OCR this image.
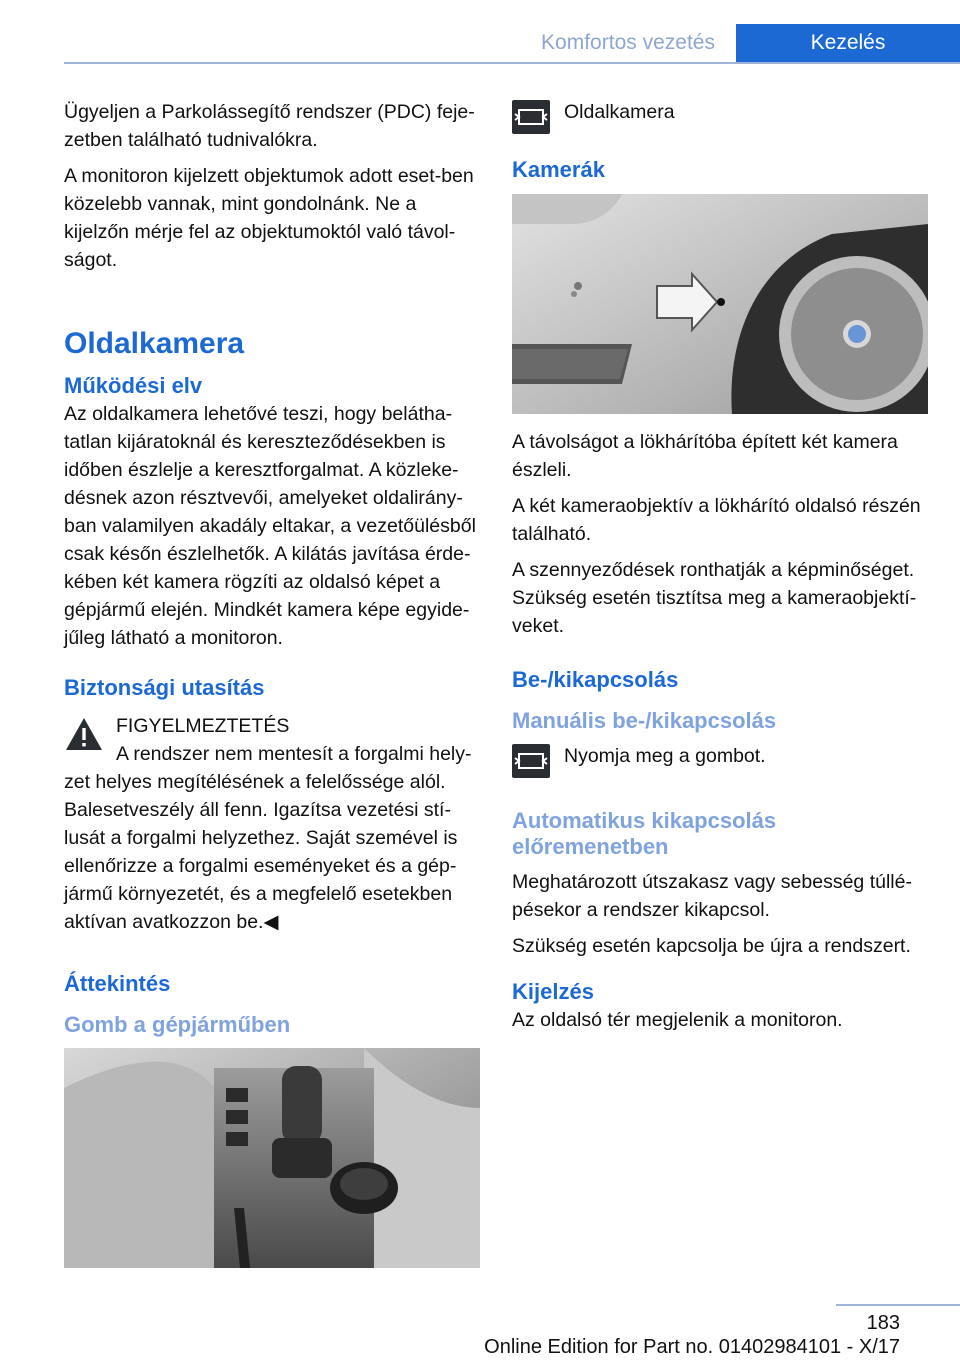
Komfortos vezetés	Kezelés

Ügyeljen a Parkolássegítő rendszer (PDC) feje‐zetben található tudnivalókra.

A monitoron kijelzett objektumok adott eset‐ben közelebb vannak, mint gondolnánk. Ne a kijelzőn mérje fel az objektumoktól való távol‐ságot.

Oldalkamera
Működési elv

Az oldalkamera lehetővé teszi, hogy belátha‐tatlan kijáratoknál és kereszteződésekben is időben észlelje a keresztforgalmat. A közleke‐désnek azon résztvevői, amelyeket oldalirány‐ban valamilyen akadály eltakar, a vezetőülésből csak későn észlelhetők. A kilátás javítása érde‐kében két kamera rögzíti az oldalsó képet a gépjármű elején. Mindkét kamera képe egyide‐jűleg látható a monitoron.

Biztonsági utasítás
FIGYELMEZTETÉS

A rendszer nem mentesít a forgalmi hely‐zet helyes megítélésének a felelőssége alól. Balesetveszély áll fenn. Igazítsa vezetési stí‐lusát a forgalmi helyzethez. Saját szemével is ellenőrizze a forgalmi eseményeket és a gép‐jármű környezetét, és a megfelelő esetekben aktívan avatkozzon be.◀

Áttekintés
Gomb a gépjárműben
Oldalkamera
Kamerák

A távolságot a lökhárítóba épített két kamera észleli.

A két kameraobjektív a lökhárító oldalsó részén található.

A szennyeződések ronthatják a képminőséget. Szükség esetén tisztítsa meg a kameraobjektí‐veket.

Be-/kikapcsolás
Manuális be-/kikapcsolás
Nyomja meg a gombot.
Automatikus kikapcsolás előremenetben

Meghatározott útszakasz vagy sebesség túllé‐pésekor a rendszer kikapcsol.

Szükség esetén kapcsolja be újra a rendszert.

Kijelzés

Az oldalsó tér megjelenik a monitoron.

183
Online Edition for Part no. 01402984101 - X/17
